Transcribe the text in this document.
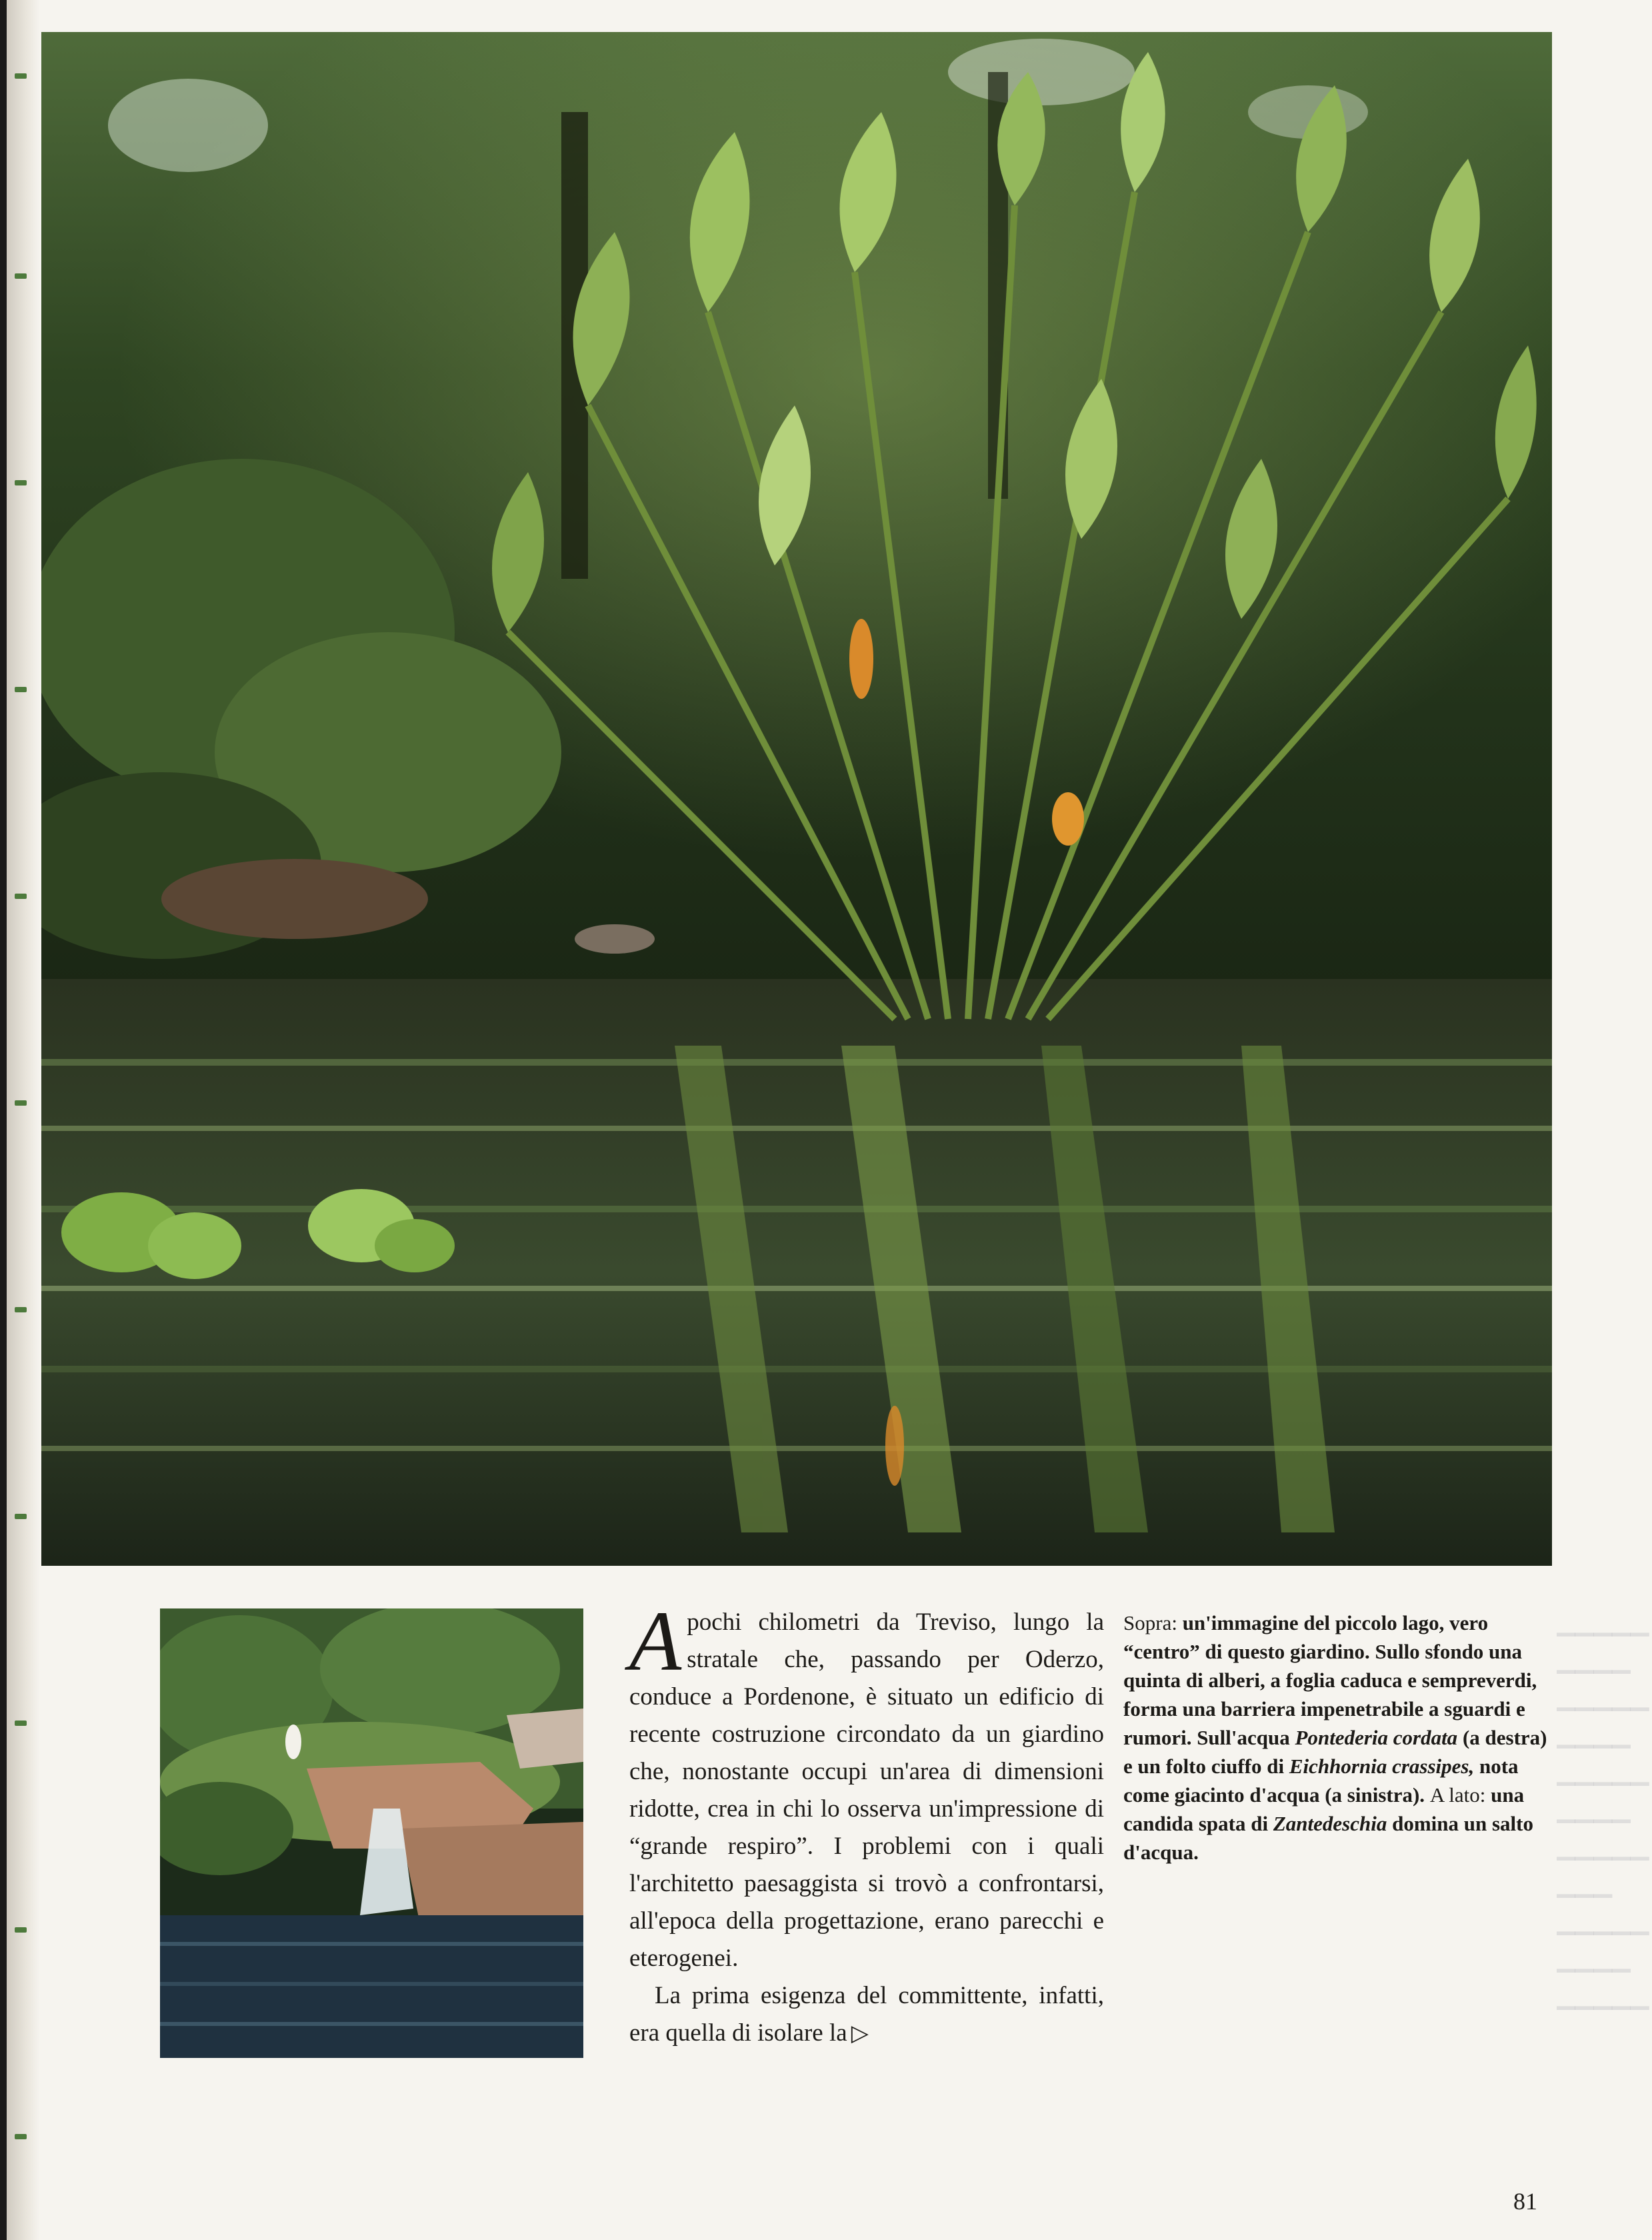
Apochi chilometri da Treviso, lungo la stratale che, passando per Oderzo, conduce a Pordenone, è situato un edificio di recente costruzione circondato da un giardino che, nonostante occupi un'area di dimensioni ridotte, crea in chi lo osserva un'impressione di “grande respiro”. I problemi con i quali l'architetto paesaggista si trovò a confrontarsi, all'epoca della progettazione, erano parecchi e eterogenei.

La prima esigenza del committente, infatti, era quella di isolare la ▷

Sopra: un'immagine del piccolo lago, vero “centro” di questo giardino. Sullo sfondo una quinta di alberi, a foglia caduca e sempreverdi, forma una barriera impenetrabile a sguardi e rumori. Sull'acqua Pontederia cordata (a destra) e un folto ciuffo di Eichhornia crassipes, nota come giacinto d'acqua (a sinistra). A lato: una candida spata di Zantedeschia domina un salto d'acqua.
▁▁▁▁▁
▁▁▁▁
▁▁▁▁▁
▁▁▁▁
▁▁▁▁▁
▁▁▁▁
▁▁▁▁▁
▁▁▁
▁▁▁▁▁
▁▁▁▁
▁▁▁▁▁
81
